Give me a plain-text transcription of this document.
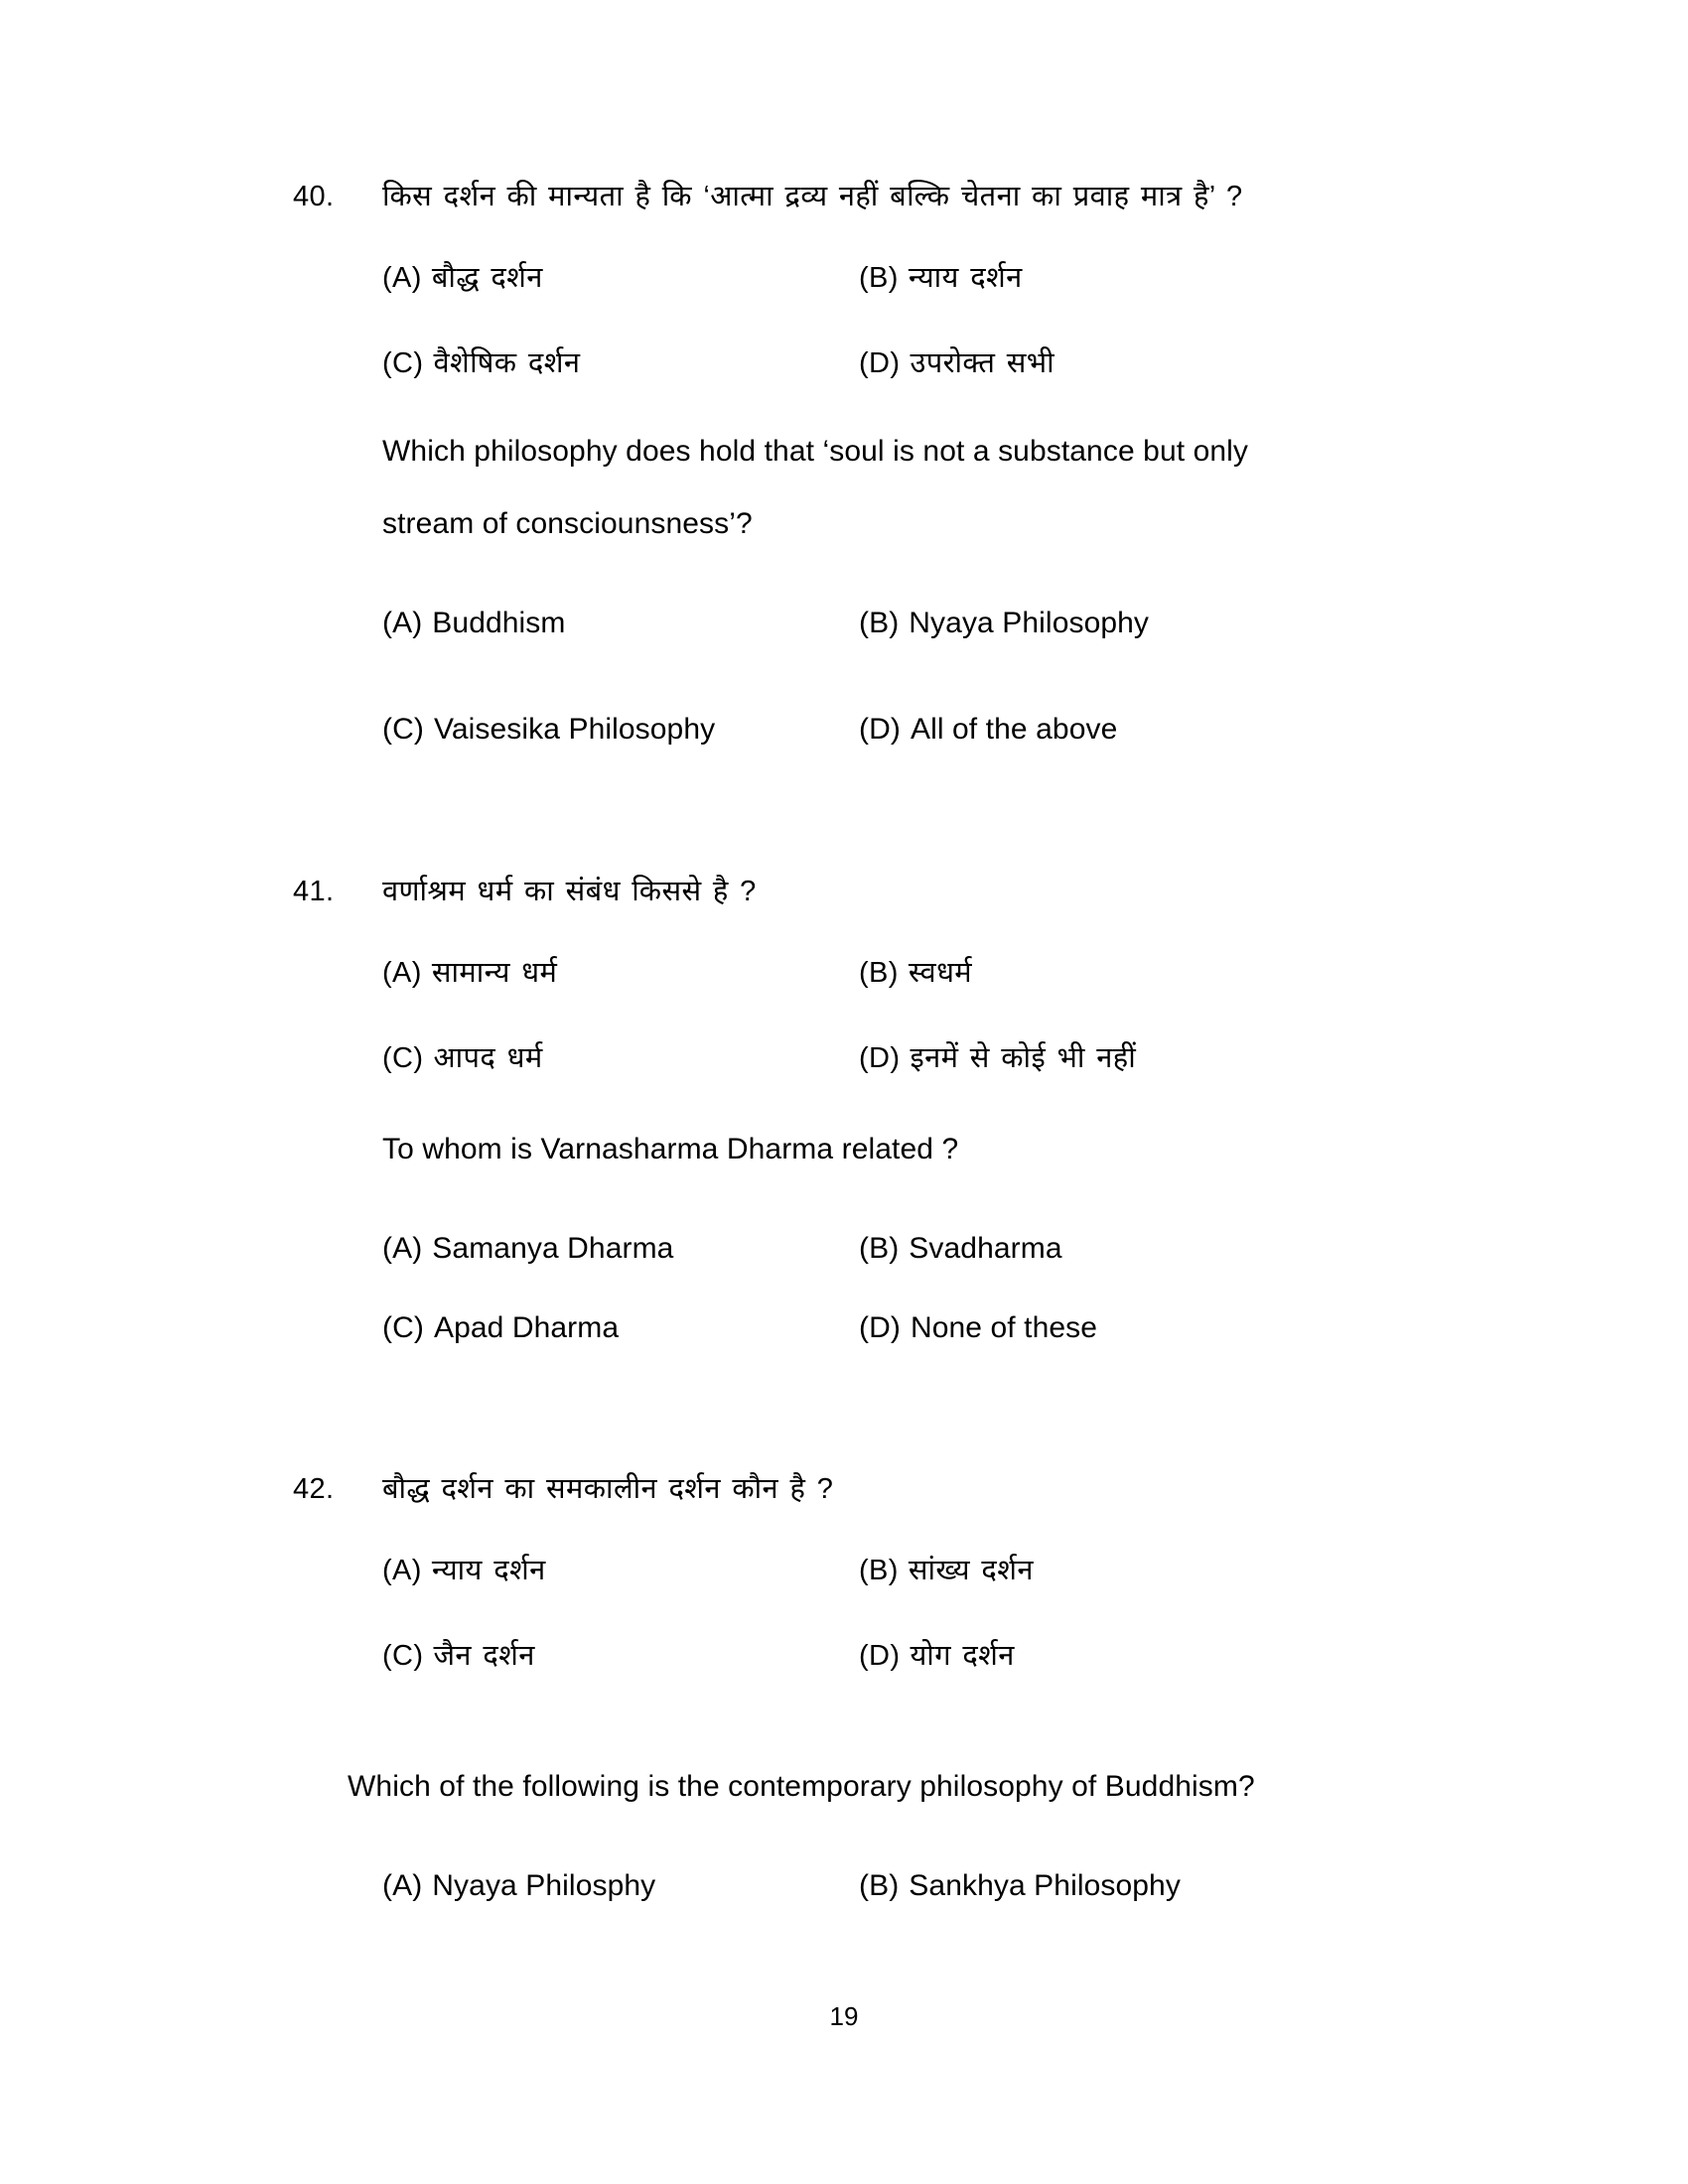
40.	किस दर्शन की मान्यता है कि ‘आत्मा द्रव्य नहीं बल्कि चेतना का प्रवाह मात्र है’ ?
(A) बौद्ध दर्शन	(B) न्याय दर्शन
(C) वैशेषिक दर्शन	(D) उपरोक्त सभी
Which philosophy does hold that ‘soul is not a substance but only
stream of consciounsness’?
(A) Buddhism	(B) Nyaya Philosophy
(C) Vaisesika Philosophy	(D) All of the above
41.	वर्णाश्रम धर्म का संबंध किससे है ?
(A) सामान्य धर्म	(B) स्वधर्म
(C) आपद धर्म	(D) इनमें से कोई भी नहीं
To whom is Varnasharma Dharma related ?
(A) Samanya Dharma	(B) Svadharma
(C) Apad Dharma	(D) None of these
42.	बौद्ध दर्शन का समकालीन दर्शन कौन है ?
(A) न्याय दर्शन	(B) सांख्य दर्शन
(C) जैन दर्शन	(D) योग दर्शन
Which of the following is the contemporary philosophy of Buddhism?
(A) Nyaya Philosphy	(B) Sankhya Philosophy
19
